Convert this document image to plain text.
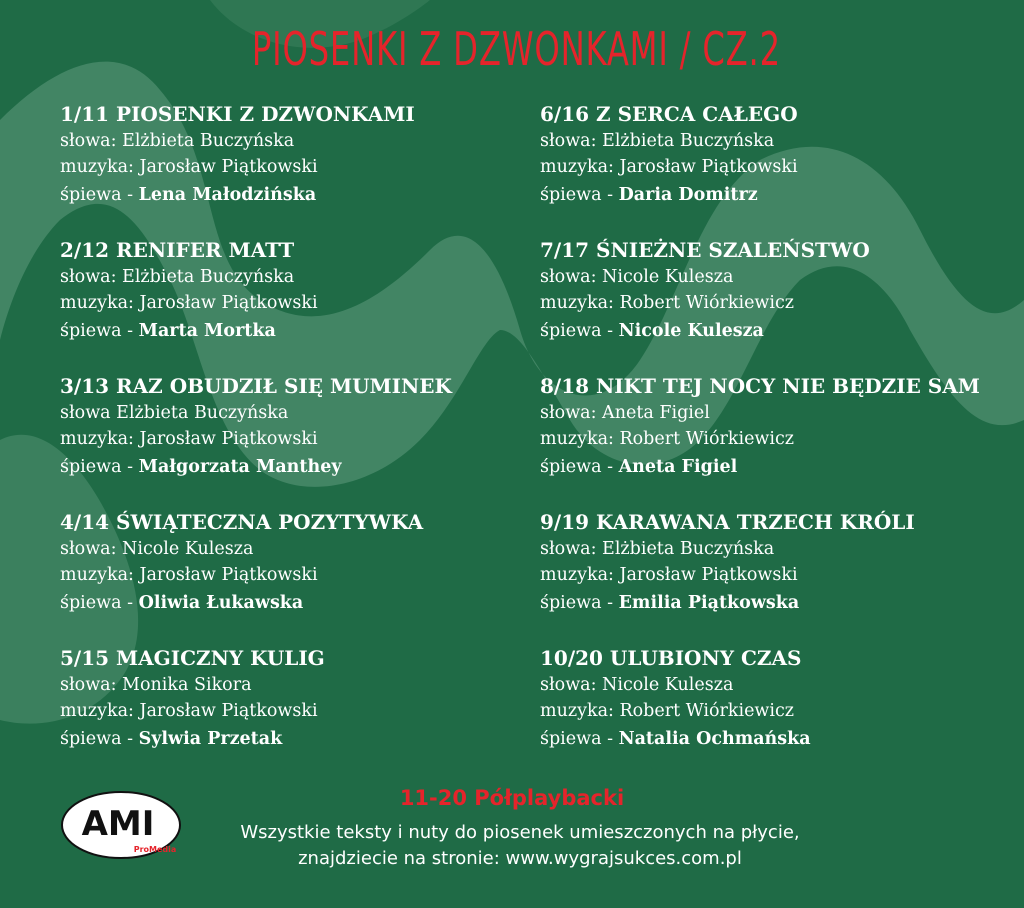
PIOSENKI Z DZWONKAMI / CZ.2
1/11 PIOSENKI Z DZWONKAMI
słowa: Elżbieta Buczyńska
muzyka: Jarosław Piątkowski
śpiewa - Lena Małodzińska
2/12 RENIFER MATT
słowa: Elżbieta Buczyńska
muzyka: Jarosław Piątkowski
śpiewa - Marta Mortka
3/13 RAZ OBUDZIŁ SIĘ MUMINEK
słowa Elżbieta Buczyńska
muzyka: Jarosław Piątkowski
śpiewa - Małgorzata Manthey
4/14 ŚWIĄTECZNA POZYTYWKA
słowa: Nicole Kulesza
muzyka: Jarosław Piątkowski
śpiewa - Oliwia Łukawska
5/15 MAGICZNY KULIG
słowa: Monika Sikora
muzyka: Jarosław Piątkowski
śpiewa - Sylwia Przetak
6/16 Z SERCA CAŁEGO
słowa: Elżbieta Buczyńska
muzyka: Jarosław Piątkowski
śpiewa - Daria Domitrz
7/17 ŚNIEŻNE SZALEŃSTWO
słowa: Nicole Kulesza
muzyka: Robert Wiórkiewicz
śpiewa - Nicole Kulesza
8/18 NIKT TEJ NOCY NIE BĘDZIE SAM
słowa: Aneta Figiel
muzyka: Robert Wiórkiewicz
śpiewa - Aneta Figiel
9/19 KARAWANA TRZECH KRÓLI
słowa: Elżbieta Buczyńska
muzyka: Jarosław Piątkowski
śpiewa - Emilia Piątkowska
10/20 ULUBIONY CZAS
słowa: Nicole Kulesza
muzyka: Robert Wiórkiewicz
śpiewa - Natalia Ochmańska
AMI
ProMedia
11-20 Półplaybacki
Wszystkie teksty i nuty do piosenek umieszczonych na płycie,
znajdziecie na stronie: www.wygrajsukces.com.pl
